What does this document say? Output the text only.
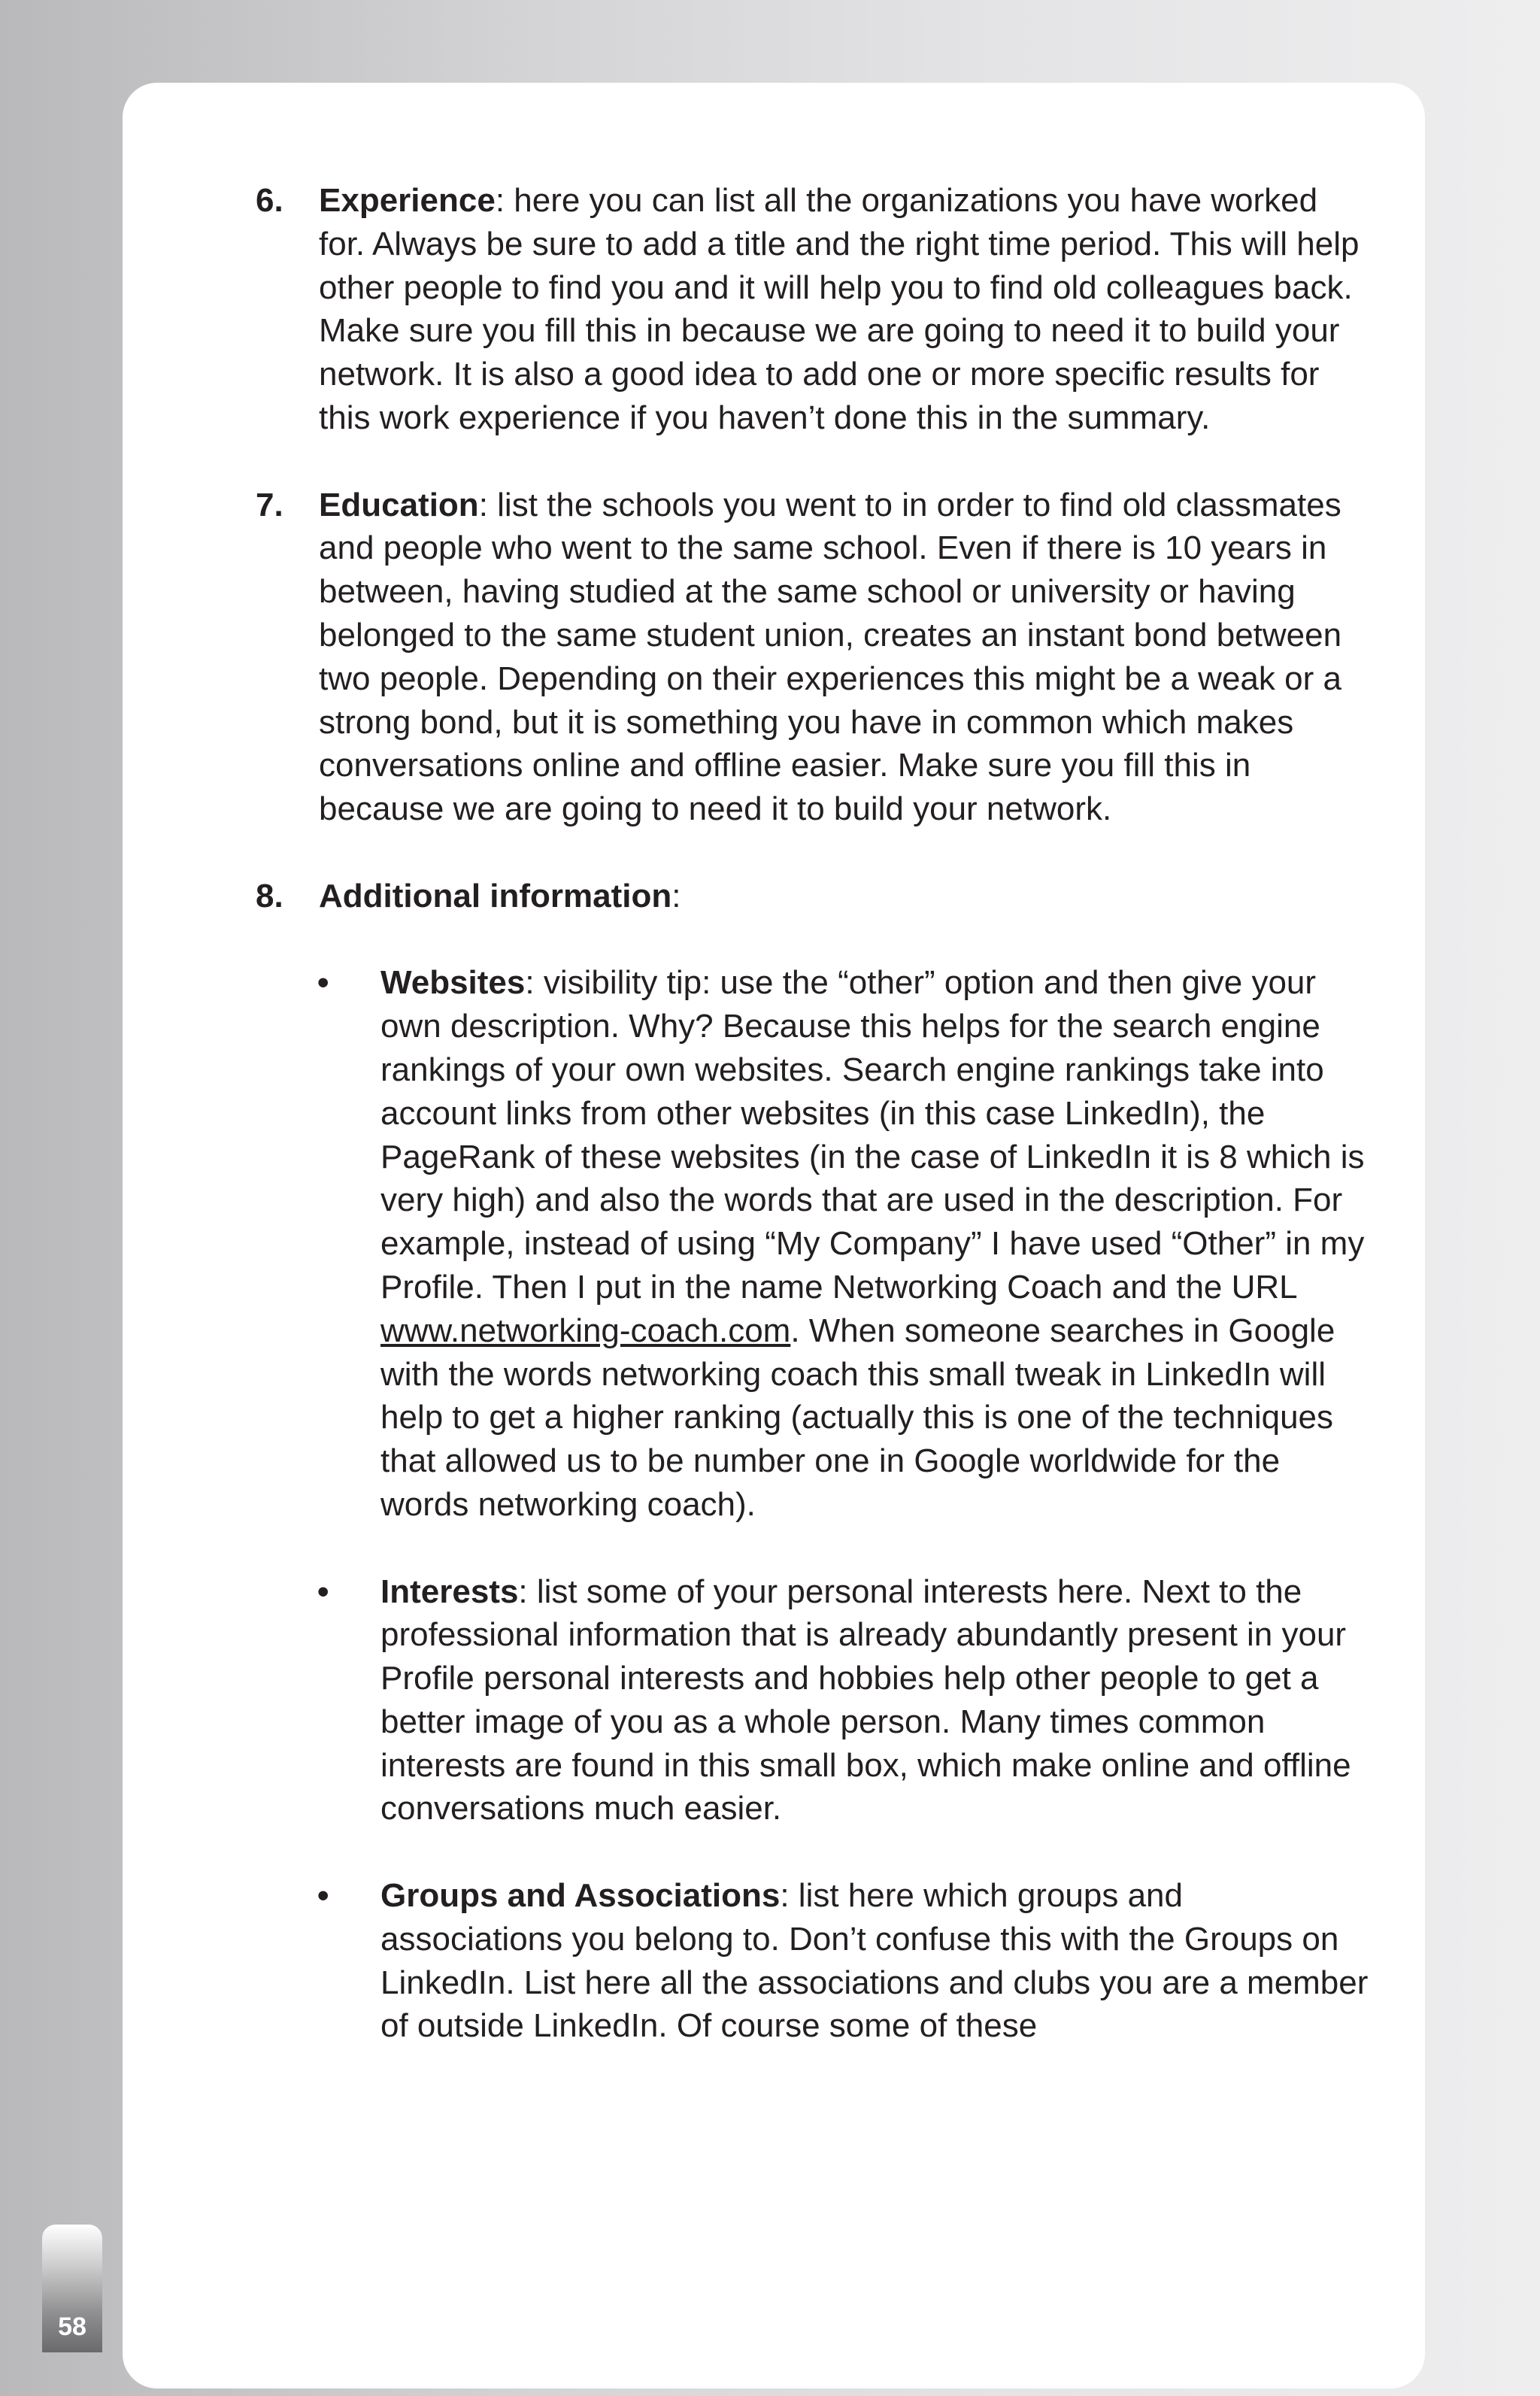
6. Experience: here you can list all the organizations you have worked for. Always be sure to add a title and the right time period. This will help other people to find you and it will help you to find old colleagues back. Make sure you fill this in because we are going to need it to build your network. It is also a good idea to add one or more specific results for this work experience if you haven’t done this in the summary.

7. Education: list the schools you went to in order to find old classmates and people who went to the same school. Even if there is 10 years in between, having studied at the same school or university or having belonged to the same student union, creates an instant bond between two people. Depending on their experiences this might be a weak or a strong bond, but it is something you have in common which makes conversations online and offline easier. Make sure you fill this in because we are going to need it to build your network.

8. Additional information:

• Websites: visibility tip: use the “other” option and then give your own description. Why? Because this helps for the search engine rankings of your own websites. Search engine rankings take into account links from other websites (in this case LinkedIn), the PageRank of these websites (in the case of LinkedIn it is 8 which is very high) and also the words that are used in the description. For example, instead of using “My Company” I have used “Other” in my Profile. Then I put in the name Networking Coach and the URL www.networking-coach.com. When someone searches in Google with the words networking coach this small tweak in LinkedIn will help to get a higher ranking (actually this is one of the techniques that allowed us to be number one in Google worldwide for the words networking coach).

• Interests: list some of your personal interests here. Next to the professional information that is already abundantly present in your Profile personal interests and hobbies help other people to get a better image of you as a whole person. Many times common interests are found in this small box, which make online and offline conversations much easier.

• Groups and Associations: list here which groups and associations you belong to. Don’t confuse this with the Groups on LinkedIn. List here all the associations and clubs you are a member of outside LinkedIn. Of course some of these

58
